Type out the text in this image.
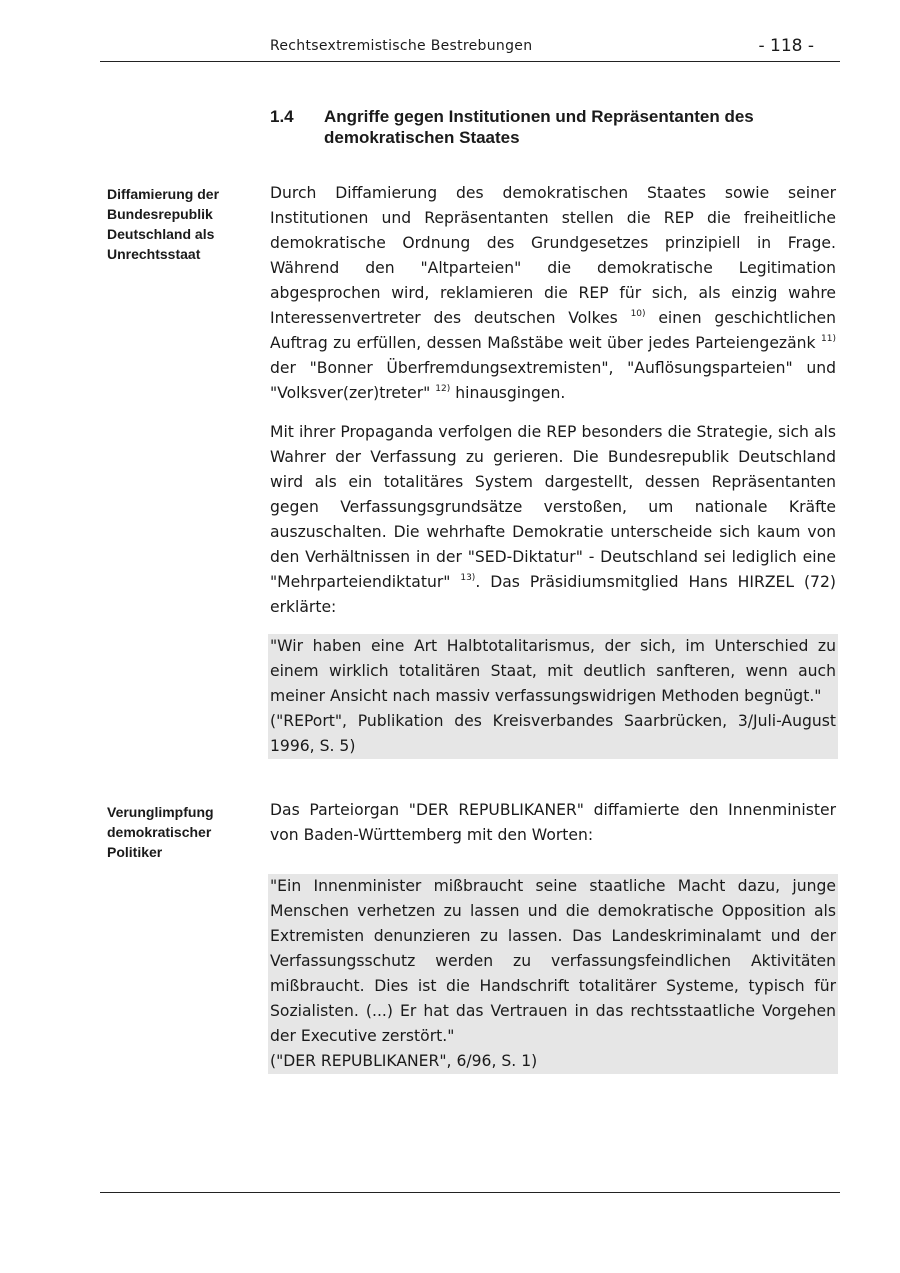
Rechtsextremistische Bestrebungen	- 118 -
1.4 Angriffe gegen Institutionen und Repräsentanten des demokratischen Staates
Diffamierung der Bundesrepublik Deutschland als Unrechtsstaat

Durch Diffamierung des demokratischen Staates sowie seiner Institutionen und Repräsentanten stellen die REP die freiheitliche demokratische Ordnung des Grundgesetzes prinzipiell in Frage. Während den "Altparteien" die demokratische Legitimation abgesprochen wird, reklamieren die REP für sich, als einzig wahre Interessenvertreter des deutschen Volkes $^{10)}$ einen geschichtlichen Auftrag zu erfüllen, dessen Maßstäbe weit über jedes Parteiengezänk $^{11)}$ der "Bonner Überfremdungsextremisten", "Auflösungsparteien" und "Volksver(zer)treter" $^{12)}$ hinausgingen.

Mit ihrer Propaganda verfolgen die REP besonders die Strategie, sich als Wahrer der Verfassung zu gerieren. Die Bundesrepublik Deutschland wird als ein totalitäres System dargestellt, dessen Repräsentanten gegen Verfassungsgrundsätze verstoßen, um nationale Kräfte auszuschalten. Die wehrhafte Demokratie unterscheide sich kaum von den Verhältnissen in der "SED-Diktatur" - Deutschland sei lediglich eine "Mehrparteiendiktatur" $^{13)}$. Das Präsidiumsmitglied Hans HIRZEL (72) erklärte:

"Wir haben eine Art Halbtotalitarismus, der sich, im Unterschied zu einem wirklich totalitären Staat, mit deutlich sanfteren, wenn auch meiner Ansicht nach massiv verfassungswidrigen Methoden begnügt."
("REPort", Publikation des Kreisverbandes Saarbrücken, 3/Juli-August 1996, S. 5)
Verunglimpfung demokratischer Politiker

Das Parteiorgan "DER REPUBLIKANER" diffamierte den Innenminister von Baden-Württemberg mit den Worten:

"Ein Innenminister mißbraucht seine staatliche Macht dazu, junge Menschen verhetzen zu lassen und die demokratische Opposition als Extremisten denunzieren zu lassen. Das Landeskriminalamt und der Verfassungsschutz werden zu verfassungsfeindlichen Aktivitäten mißbraucht. Dies ist die Handschrift totalitärer Systeme, typisch für Sozialisten. (...) Er hat das Vertrauen in das rechtsstaatliche Vorgehen der Executive zerstört."
("DER REPUBLIKANER", 6/96, S. 1)
